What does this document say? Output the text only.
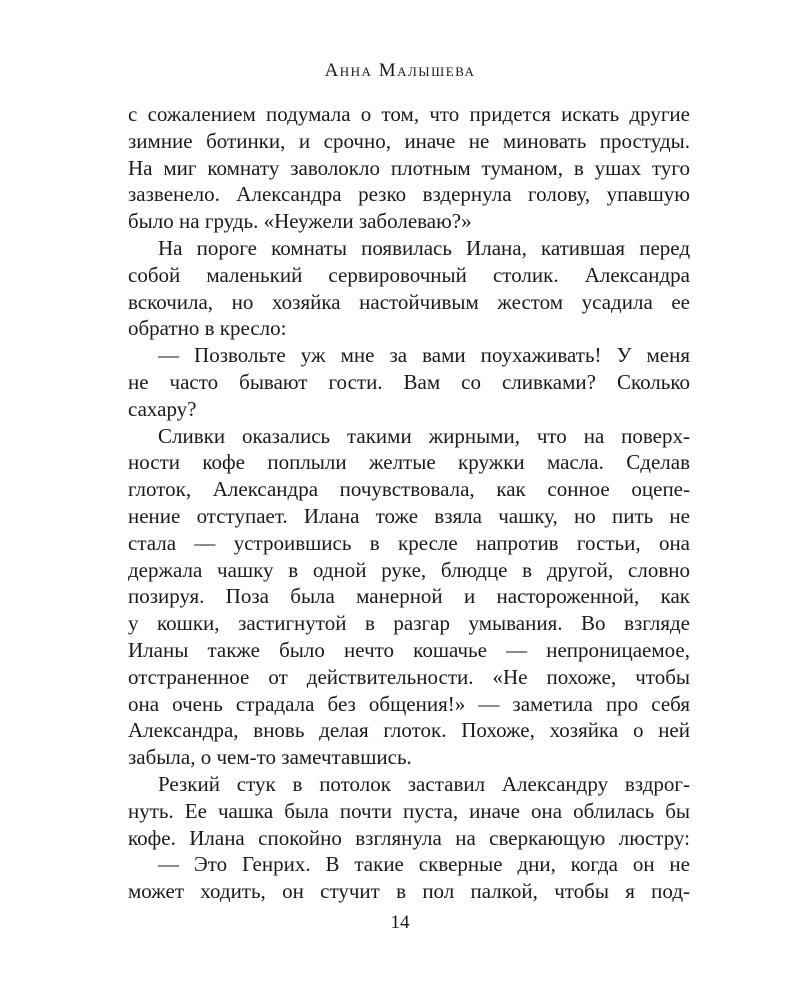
Анна Малышева
с сожалением подумала о том, что придется искать другие
зимние ботинки, и срочно, иначе не миновать простуды.
На миг комнату заволокло плотным туманом, в ушах туго
зазвенело. Александра резко вздернула голову, упавшую
было на грудь. «Неужели заболеваю?»
На пороге комнаты появилась Илана, катившая перед
собой маленький сервировочный столик. Александра
вскочила, но хозяйка настойчивым жестом усадила ее
обратно в кресло:
— Позвольте уж мне за вами поухаживать! У меня
не часто бывают гости. Вам со сливками? Сколько
сахару?
Сливки оказались такими жирными, что на поверх-
ности кофе поплыли желтые кружки масла. Сделав
глоток, Александра почувствовала, как сонное оцепе-
нение отступает. Илана тоже взяла чашку, но пить не
стала — устроившись в кресле напротив гостьи, она
держала чашку в одной руке, блюдце в другой, словно
позируя. Поза была манерной и настороженной, как
у кошки, застигнутой в разгар умывания. Во взгляде
Иланы также было нечто кошачье — непроницаемое,
отстраненное от действительности. «Не похоже, чтобы
она очень страдала без общения!» — заметила про себя
Александра, вновь делая глоток. Похоже, хозяйка о ней
забыла, о чем-то замечтавшись.
Резкий стук в потолок заставил Александру вздрог-
нуть. Ее чашка была почти пуста, иначе она облилась бы
кофе. Илана спокойно взглянула на сверкающую люстру:
— Это Генрих. В такие скверные дни, когда он не
может ходить, он стучит в пол палкой, чтобы я под-
14
